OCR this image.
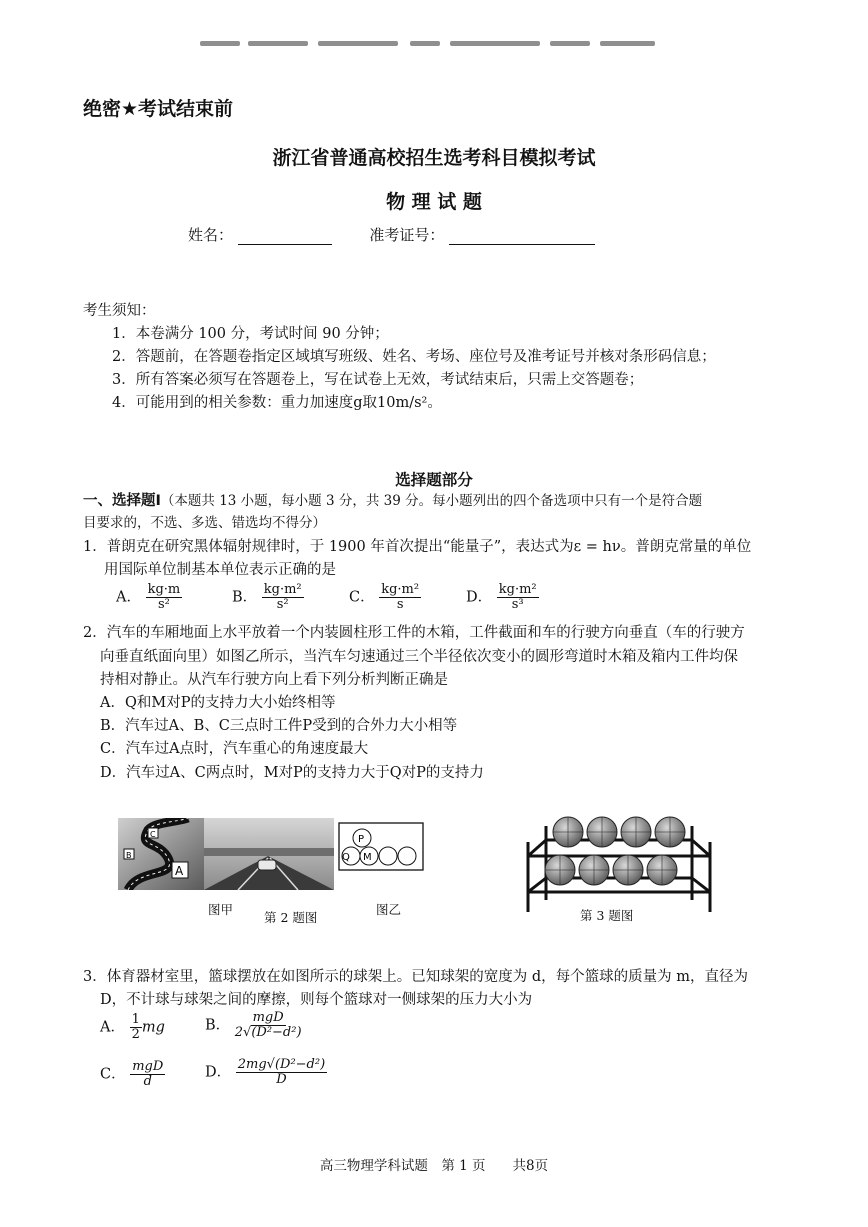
绝密★考试结束前
浙江省普通高校招生选考科目模拟考试
物 理 试 题
姓名：	准考证号：
考生须知：
1．本卷满分 100 分，考试时间 90 分钟；
2．答题前，在答题卷指定区域填写班级、姓名、考场、座位号及准考证号并核对条形码信息；
3．所有答案必须写在答题卷上，写在试卷上无效，考试结束后，只需上交答题卷；
4．可能用到的相关参数：重力加速度g取10m/s²。
选择题部分
一、选择题Ⅰ（本题共 13 小题，每小题 3 分，共 39 分。每小题列出的四个备选项中只有一个是符合题
目要求的，不选、多选、错选均不得分）
1．普朗克在研究黑体辐射规律时，于 1900 年首次提出“能量子”，表达式为ε = hν。普朗克常量的单位
用国际单位制基本单位表示正确的是
A． $\frac{kg\cdot m}{\text{s²}}$	B． $\frac{\text{kg·m²}}{\text{s²}}$	C． $\frac{\text{kg·m²}}{s}$	D． $\frac{\text{kg·m²}}{\text{s³}}$
2．汽车的车厢地面上水平放着一个内装圆柱形工件的木箱，工件截面和车的行驶方向垂直（车的行驶方
向垂直纸面向里）如图乙所示，当汽车匀速通过三个半径依次变小的圆形弯道时木箱及箱内工件均保
持相对静止。从汽车行驶方向上看下列分析判断正确是
A．Q和M对P的支持力大小始终相等
B．汽车过A、B、C三点时工件P受到的合外力大小相等
C．汽车过A点时，汽车重心的角速度最大
D．汽车过A、C两点时，M对P的支持力大于Q对P的支持力
C
B
A
图甲
第 2 题图
P
Q M
图乙	第 3 题图
3．体育器材室里，篮球摆放在如图所示的球架上。已知球架的宽度为 d，每个篮球的质量为 m，直径为
D，不计球与球架之间的摩擦，则每个篮球对一侧球架的压力大小为
A． $\frac{1}{2}$ mg	B． $\frac{\text{mgD}}{\text{2√(D²−d²)}}$
C． $\frac{\text{mgD}}{d}$	D． $\frac{\text{2mg√(D²−d²)}}{D}$
高三物理学科试题　第 1 页　　共8页
